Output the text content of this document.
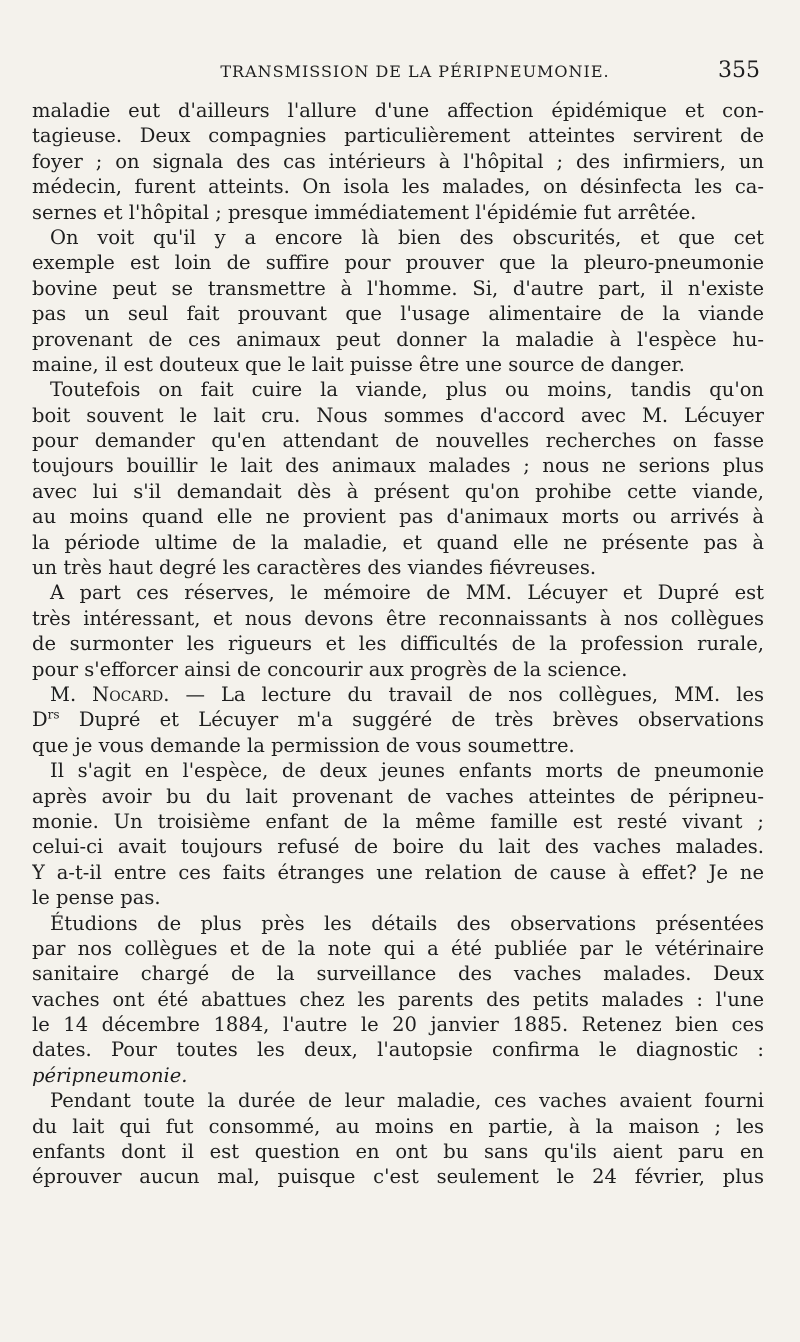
TRANSMISSION DE LA PÉRIPNEUMONIE.	355
maladie eut d'ailleurs l'allure d'une affection épidémique et con-
tagieuse. Deux compagnies particulièrement atteintes servirent de
foyer ; on signala des cas intérieurs à l'hôpital ; des infirmiers, un
médecin, furent atteints. On isola les malades, on désinfecta les ca-
sernes et l'hôpital ; presque immédiatement l'épidémie fut arrêtée.
On voit qu'il y a encore là bien des obscurités, et que cet
exemple est loin de suffire pour prouver que la pleuro-pneumonie
bovine peut se transmettre à l'homme. Si, d'autre part, il n'existe
pas un seul fait prouvant que l'usage alimentaire de la viande
provenant de ces animaux peut donner la maladie à l'espèce hu-
maine, il est douteux que le lait puisse être une source de danger.
Toutefois on fait cuire la viande, plus ou moins, tandis qu'on
boit souvent le lait cru. Nous sommes d'accord avec M. Lécuyer
pour demander qu'en attendant de nouvelles recherches on fasse
toujours bouillir le lait des animaux malades ; nous ne serions plus
avec lui s'il demandait dès à présent qu'on prohibe cette viande,
au moins quand elle ne provient pas d'animaux morts ou arrivés à
la période ultime de la maladie, et quand elle ne présente pas à
un très haut degré les caractères des viandes fiévreuses.
A part ces réserves, le mémoire de MM. Lécuyer et Dupré est
très intéressant, et nous devons être reconnaissants à nos collègues
de surmonter les rigueurs et les difficultés de la profession rurale,
pour s'efforcer ainsi de concourir aux progrès de la science.
M. Nocard. — La lecture du travail de nos collègues, MM. les
$D^{rs}$ Dupré et Lécuyer m'a suggéré de très brèves observations
que je vous demande la permission de vous soumettre.
Il s'agit en l'espèce, de deux jeunes enfants morts de pneumonie
après avoir bu du lait provenant de vaches atteintes de péripneu-
monie. Un troisième enfant de la même famille est resté vivant ;
celui-ci avait toujours refusé de boire du lait des vaches malades.
Y a-t-il entre ces faits étranges une relation de cause à effet? Je ne
le pense pas.
Étudions de plus près les détails des observations présentées
par nos collègues et de la note qui a été publiée par le vétérinaire
sanitaire chargé de la surveillance des vaches malades. Deux
vaches ont été abattues chez les parents des petits malades : l'une
le 14 décembre 1884, l'autre le 20 janvier 1885. Retenez bien ces
dates. Pour toutes les deux, l'autopsie confirma le diagnostic :
péripneumonie.
Pendant toute la durée de leur maladie, ces vaches avaient fourni
du lait qui fut consommé, au moins en partie, à la maison ; les
enfants dont il est question en ont bu sans qu'ils aient paru en
éprouver aucun mal, puisque c'est seulement le 24 février, plus
